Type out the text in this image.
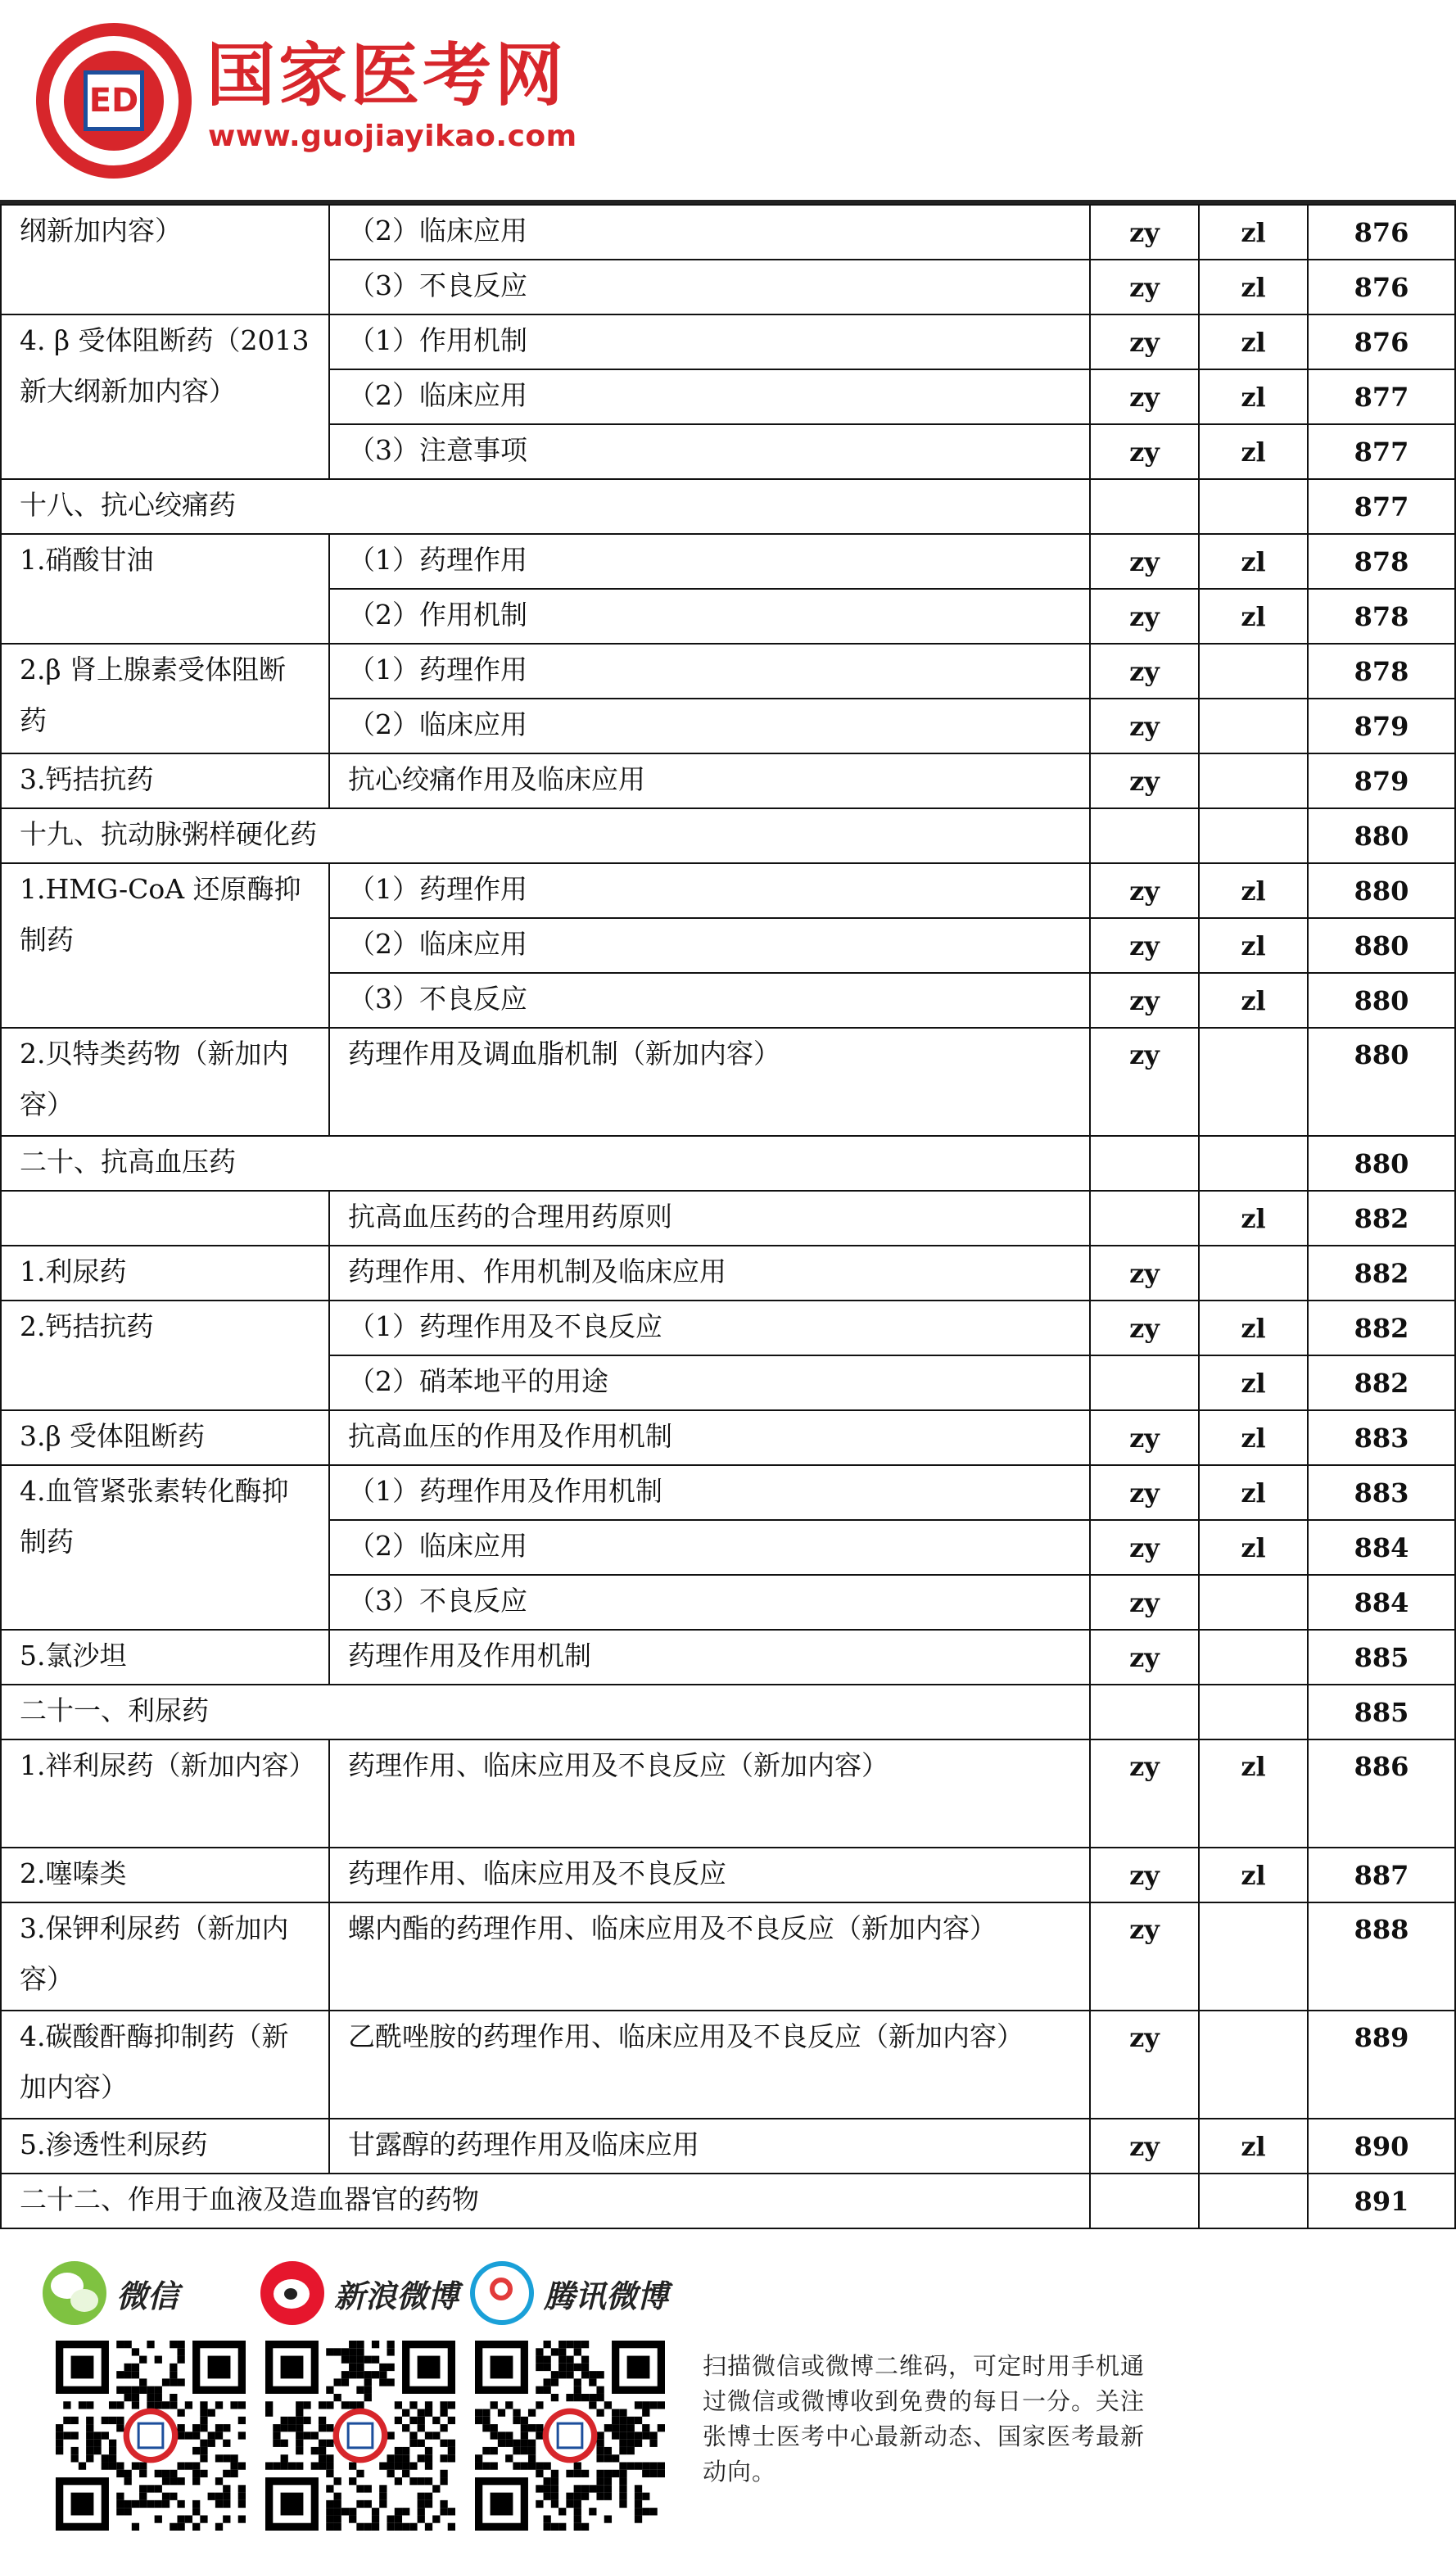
ED 国家医考网
www.guojiayikao.com
纲新加内容）	（2）临床应用	zy	zl	876
	（3）不良反应	zy	zl	876
4. β 受体阻断药（2013 新大纲新加内容）	（1）作用机制	zy	zl	876
	（2）临床应用	zy	zl	877
	（3）注意事项	zy	zl	877
十八、抗心绞痛药				877
1.硝酸甘油	（1）药理作用	zy	zl	878
	（2）作用机制	zy	zl	878
2.β 肾上腺素受体阻断药	（1）药理作用	zy		878
	（2）临床应用	zy		879
3.钙拮抗药	抗心绞痛作用及临床应用	zy		879
十九、抗动脉粥样硬化药				880
1.HMG-CoA 还原酶抑制药	（1）药理作用	zy	zl	880
	（2）临床应用	zy	zl	880
	（3）不良反应	zy	zl	880
2.贝特类药物（新加内容）	药理作用及调血脂机制（新加内容）	zy		880
二十、抗高血压药				880
	抗高血压药的合理用药原则		zl	882
1.利尿药	药理作用、作用机制及临床应用	zy		882
2.钙拮抗药	（1）药理作用及不良反应	zy	zl	882
	（2）硝苯地平的用途		zl	882
3.β 受体阻断药	抗高血压的作用及作用机制	zy	zl	883
4.血管紧张素转化酶抑制药	（1）药理作用及作用机制	zy	zl	883
	（2）临床应用	zy	zl	884
	（3）不良反应	zy		884
5.氯沙坦	药理作用及作用机制	zy		885
二十一、利尿药				885
1.袢利尿药（新加内容）	药理作用、临床应用及不良反应（新加内容）	zy	zl	886
2.噻嗪类	药理作用、临床应用及不良反应	zy	zl	887
3.保钾利尿药（新加内容）	螺内酯的药理作用、临床应用及不良反应（新加内容）	zy		888
4.碳酸酐酶抑制药（新加内容）	乙酰唑胺的药理作用、临床应用及不良反应（新加内容）	zy		889
5.渗透性利尿药	甘露醇的药理作用及临床应用	zy	zl	890
二十二、作用于血液及造血器官的药物				891
微信	新浪微博	腾讯微博
扫描微信或微博二维码，可定时用手机通过微信或微博收到免费的每日一分。关注张博士医考中心最新动态、国家医考最新动向。
